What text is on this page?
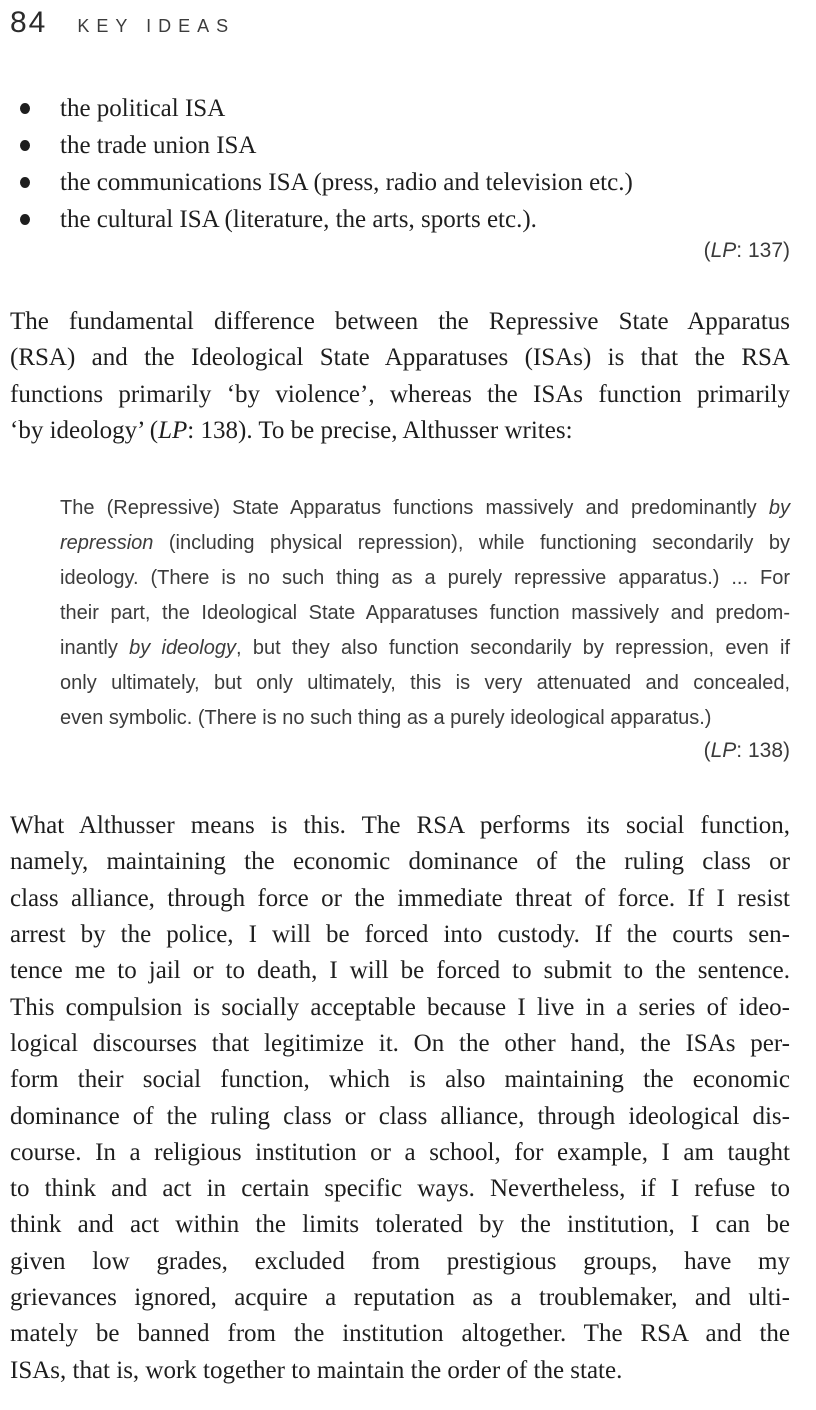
84 KEY IDEAS
the political ISA
the trade union ISA
the communications ISA (press, radio and television etc.)
the cultural ISA (literature, the arts, sports etc.).
(LP: 137)
The fundamental difference between the Repressive State Apparatus
(RSA) and the Ideological State Apparatuses (ISAs) is that the RSA
functions primarily ‘by violence’, whereas the ISAs function primarily
‘by ideology’ (LP: 138). To be precise, Althusser writes:
The (Repressive) State Apparatus functions massively and predominantly by
repression (including physical repression), while functioning secondarily by
ideology. (There is no such thing as a purely repressive apparatus.) ... For
their part, the Ideological State Apparatuses function massively and predom-
inantly by ideology, but they also function secondarily by repression, even if
only ultimately, but only ultimately, this is very attenuated and concealed,
even symbolic. (There is no such thing as a purely ideological apparatus.)
(LP: 138)
What Althusser means is this. The RSA performs its social function,
namely, maintaining the economic dominance of the ruling class or
class alliance, through force or the immediate threat of force. If I resist
arrest by the police, I will be forced into custody. If the courts sen-
tence me to jail or to death, I will be forced to submit to the sentence.
This compulsion is socially acceptable because I live in a series of ideo-
logical discourses that legitimize it. On the other hand, the ISAs per-
form their social function, which is also maintaining the economic
dominance of the ruling class or class alliance, through ideological dis-
course. In a religious institution or a school, for example, I am taught
to think and act in certain specific ways. Nevertheless, if I refuse to
think and act within the limits tolerated by the institution, I can be
given low grades, excluded from prestigious groups, have my
grievances ignored, acquire a reputation as a troublemaker, and ulti-
mately be banned from the institution altogether. The RSA and the
ISAs, that is, work together to maintain the order of the state.
